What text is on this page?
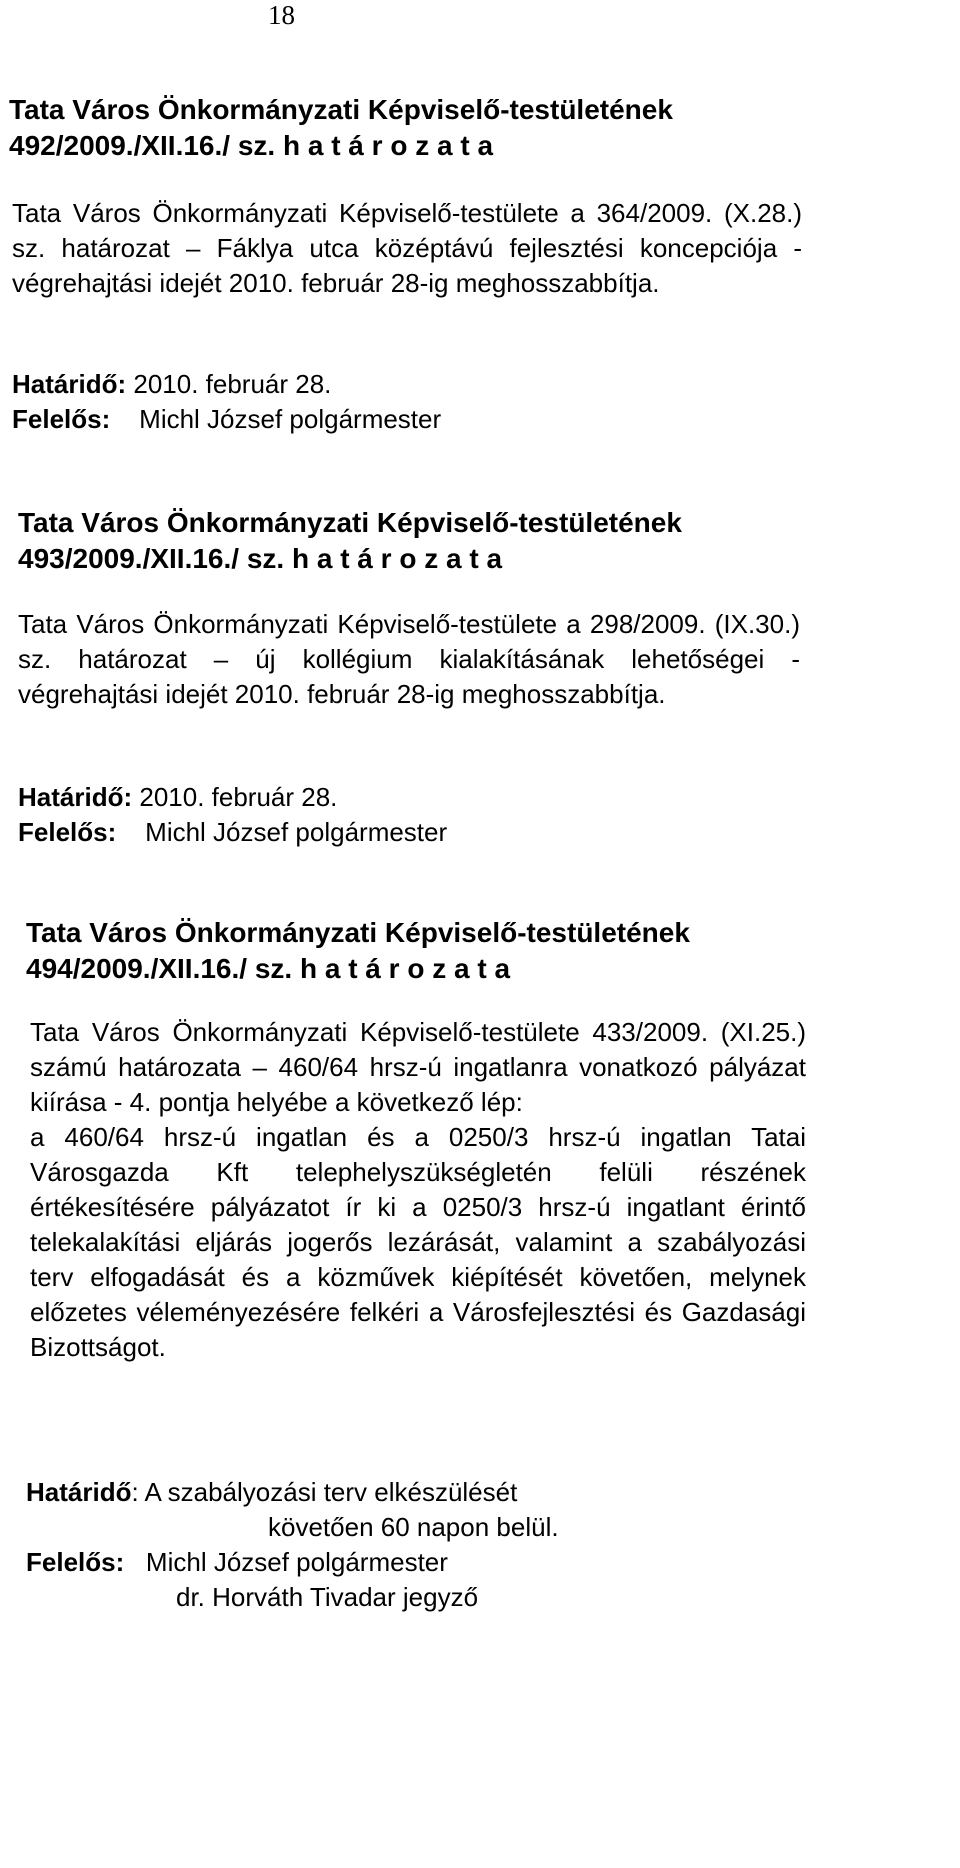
18

Tata Város Önkormányzati Képviselő-testületének

492/2009./XII.16./ sz. h a t á r o z a t a

Tata Város Önkormányzati Képviselő-testülete a 364/2009. (X.28.) sz. határozat – Fáklya utca középtávú fejlesztési koncepciója - végrehajtási idejét 2010. február 28-ig meghosszabbítja.

Határidő: 2010. február 28.

Felelős: Michl József polgármester

Tata Város Önkormányzati Képviselő-testületének

493/2009./XII.16./ sz. h a t á r o z a t a

Tata Város Önkormányzati Képviselő-testülete a 298/2009. (IX.30.) sz. határozat – új kollégium kialakításának lehetőségei - végrehajtási idejét 2010. február 28-ig meghosszabbítja.

Határidő: 2010. február 28.

Felelős: Michl József polgármester

Tata Város Önkormányzati Képviselő-testületének

494/2009./XII.16./ sz. h a t á r o z a t a

Tata Város Önkormányzati Képviselő-testülete 433/2009. (XI.25.) számú határozata – 460/64 hrsz-ú ingatlanra vonatkozó pályázat kiírása - 4. pontja helyébe a következő lép:

a 460/64 hrsz-ú ingatlan és a 0250/3 hrsz-ú ingatlan Tatai Városgazda Kft telephelyszükségletén felüli részének értékesítésére pályázatot ír ki a 0250/3 hrsz-ú ingatlant érintő telekalakítási eljárás jogerős lezárását, valamint a szabályozási terv elfogadását és a közművek kiépítését követően, melynek előzetes véleményezésére felkéri a Városfejlesztési és Gazdasági Bizottságot.

Határidő: A szabályozási terv elkészülését

követően 60 napon belül.

Felelős: Michl József polgármester

dr. Horváth Tivadar jegyző
